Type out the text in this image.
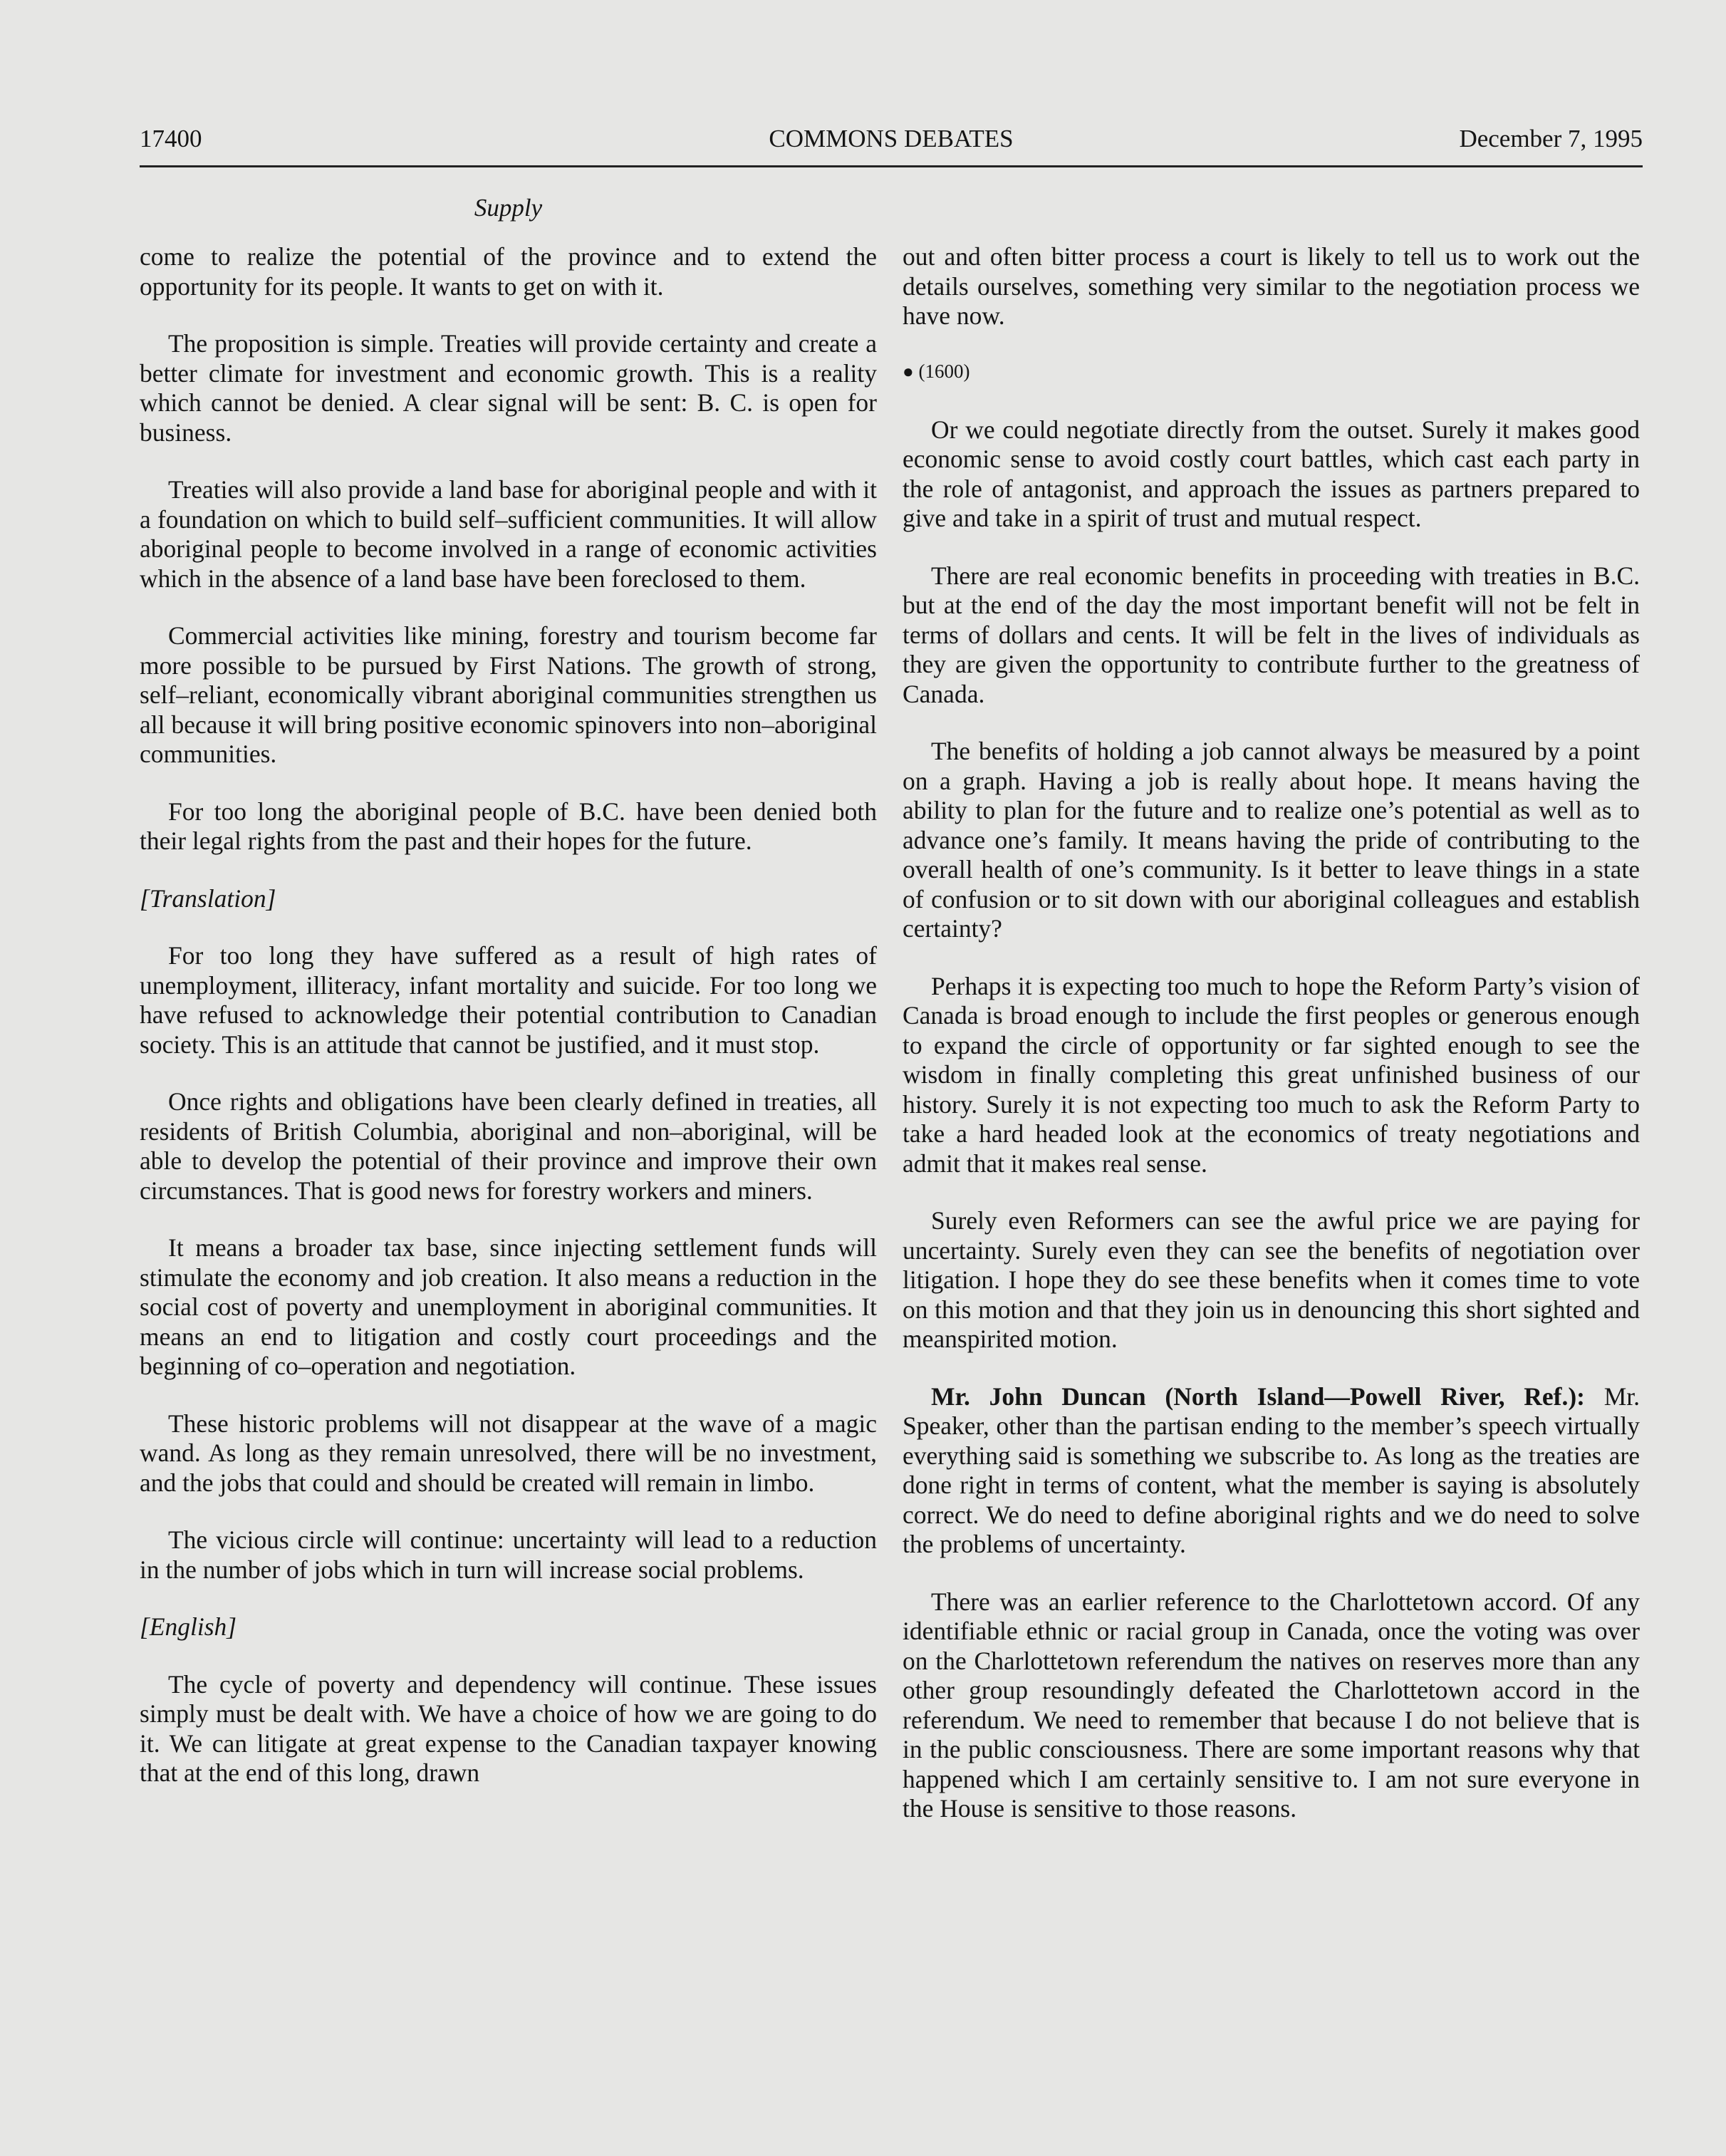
COMMONS DEBATES
17400	December 7, 1995
Supply

come to realize the potential of the province and to extend the opportunity for its people. It wants to get on with it.

The proposition is simple. Treaties will provide certainty and create a better climate for investment and economic growth. This is a reality which cannot be denied. A clear signal will be sent: B. C. is open for business.

Treaties will also provide a land base for aboriginal people and with it a foundation on which to build self–sufficient communities. It will allow aboriginal people to become involved in a range of economic activities which in the absence of a land base have been foreclosed to them.

Commercial activities like mining, forestry and tourism become far more possible to be pursued by First Nations. The growth of strong, self–reliant, economically vibrant aboriginal communities strengthen us all because it will bring positive economic spinovers into non–aboriginal communities.

For too long the aboriginal people of B.C. have been denied both their legal rights from the past and their hopes for the future.

[Translation]

For too long they have suffered as a result of high rates of unemployment, illiteracy, infant mortality and suicide. For too long we have refused to acknowledge their potential contribution to Canadian society. This is an attitude that cannot be justified, and it must stop.

Once rights and obligations have been clearly defined in treaties, all residents of British Columbia, aboriginal and non–aboriginal, will be able to develop the potential of their province and improve their own circumstances. That is good news for forestry workers and miners.

It means a broader tax base, since injecting settlement funds will stimulate the economy and job creation. It also means a reduction in the social cost of poverty and unemployment in aboriginal communities. It means an end to litigation and costly court proceedings and the beginning of co–operation and negotiation.

These historic problems will not disappear at the wave of a magic wand. As long as they remain unresolved, there will be no investment, and the jobs that could and should be created will remain in limbo.

The vicious circle will continue: uncertainty will lead to a reduction in the number of jobs which in turn will increase social problems.

[English]

The cycle of poverty and dependency will continue. These issues simply must be dealt with. We have a choice of how we are going to do it. We can litigate at great expense to the Canadian taxpayer knowing that at the end of this long, drawn

out and often bitter process a court is likely to tell us to work out the details ourselves, something very similar to the negotiation process we have now.

● (1600)

Or we could negotiate directly from the outset. Surely it makes good economic sense to avoid costly court battles, which cast each party in the role of antagonist, and approach the issues as partners prepared to give and take in a spirit of trust and mutual respect.

There are real economic benefits in proceeding with treaties in B.C. but at the end of the day the most important benefit will not be felt in terms of dollars and cents. It will be felt in the lives of individuals as they are given the opportunity to contribute further to the greatness of Canada.

The benefits of holding a job cannot always be measured by a point on a graph. Having a job is really about hope. It means having the ability to plan for the future and to realize one’s potential as well as to advance one’s family. It means having the pride of contributing to the overall health of one’s community. Is it better to leave things in a state of confusion or to sit down with our aboriginal colleagues and establish certainty?

Perhaps it is expecting too much to hope the Reform Party’s vision of Canada is broad enough to include the first peoples or generous enough to expand the circle of opportunity or far sighted enough to see the wisdom in finally completing this great unfinished business of our history. Surely it is not expecting too much to ask the Reform Party to take a hard headed look at the economics of treaty negotiations and admit that it makes real sense.

Surely even Reformers can see the awful price we are paying for uncertainty. Surely even they can see the benefits of negotiation over litigation. I hope they do see these benefits when it comes time to vote on this motion and that they join us in denouncing this short sighted and meanspirited motion.

Mr. John Duncan (North Island—Powell River, Ref.): Mr. Speaker, other than the partisan ending to the member’s speech virtually everything said is something we subscribe to. As long as the treaties are done right in terms of content, what the member is saying is absolutely correct. We do need to define aboriginal rights and we do need to solve the problems of uncertainty.

There was an earlier reference to the Charlottetown accord. Of any identifiable ethnic or racial group in Canada, once the voting was over on the Charlottetown referendum the natives on reserves more than any other group resoundingly defeated the Charlottetown accord in the referendum. We need to remember that because I do not believe that is in the public consciousness. There are some important reasons why that happened which I am certainly sensitive to. I am not sure everyone in the House is sensitive to those reasons.
